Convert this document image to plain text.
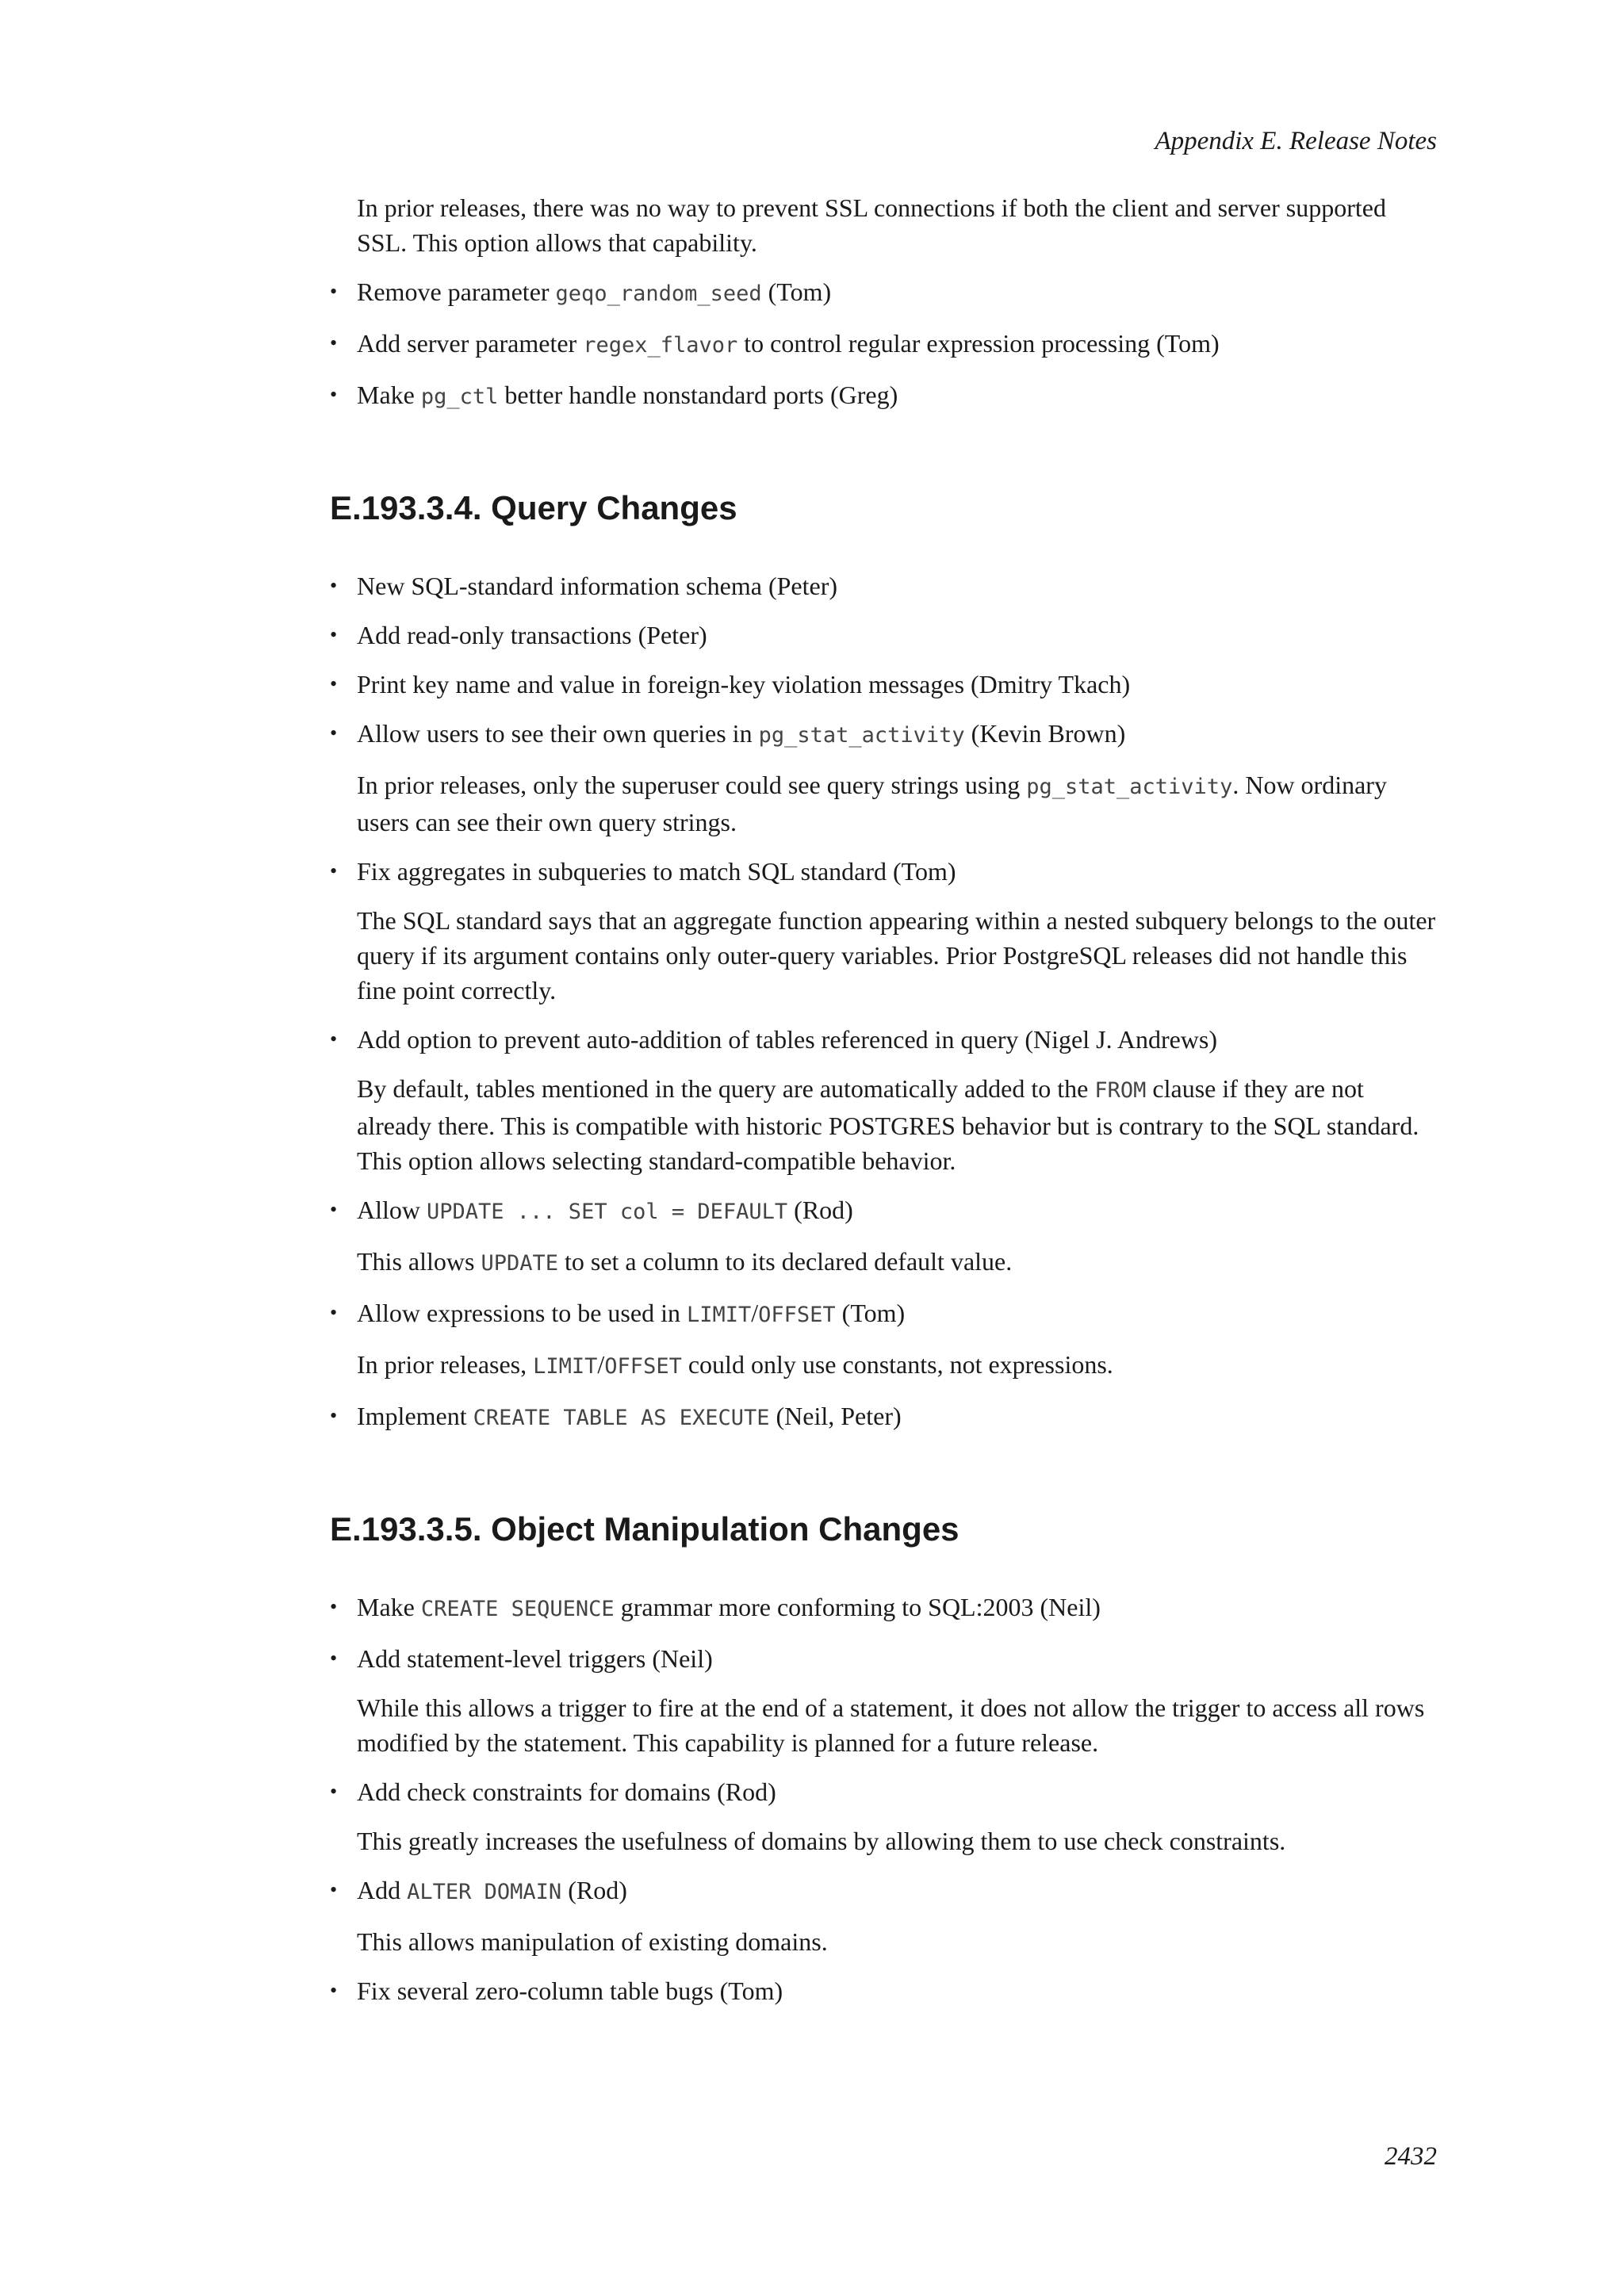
Appendix E. Release Notes

In prior releases, there was no way to prevent SSL connections if both the client and server supported SSL. This option allows that capability.

• Remove parameter geqo_random_seed (Tom)
• Add server parameter regex_flavor to control regular expression processing (Tom)
• Make pg_ctl better handle nonstandard ports (Greg)
E.193.3.4. Query Changes
• New SQL-standard information schema (Peter)
• Add read-only transactions (Peter)
• Print key name and value in foreign-key violation messages (Dmitry Tkach)
• Allow users to see their own queries in pg_stat_activity (Kevin Brown)

In prior releases, only the superuser could see query strings using pg_stat_activity. Now ordinary users can see their own query strings.

• Fix aggregates in subqueries to match SQL standard (Tom)

The SQL standard says that an aggregate function appearing within a nested subquery belongs to the outer query if its argument contains only outer-query variables. Prior PostgreSQL releases did not handle this fine point correctly.

• Add option to prevent auto-addition of tables referenced in query (Nigel J. Andrews)

By default, tables mentioned in the query are automatically added to the FROM clause if they are not already there. This is compatible with historic POSTGRES behavior but is contrary to the SQL standard. This option allows selecting standard-compatible behavior.

• Allow UPDATE ... SET col = DEFAULT (Rod)

This allows UPDATE to set a column to its declared default value.

• Allow expressions to be used in LIMIT/OFFSET (Tom)

In prior releases, LIMIT/OFFSET could only use constants, not expressions.

• Implement CREATE TABLE AS EXECUTE (Neil, Peter)
E.193.3.5. Object Manipulation Changes
• Make CREATE SEQUENCE grammar more conforming to SQL:2003 (Neil)
• Add statement-level triggers (Neil)

While this allows a trigger to fire at the end of a statement, it does not allow the trigger to access all rows modified by the statement. This capability is planned for a future release.

• Add check constraints for domains (Rod)

This greatly increases the usefulness of domains by allowing them to use check constraints.

• Add ALTER DOMAIN (Rod)

This allows manipulation of existing domains.

• Fix several zero-column table bugs (Tom)
2432
